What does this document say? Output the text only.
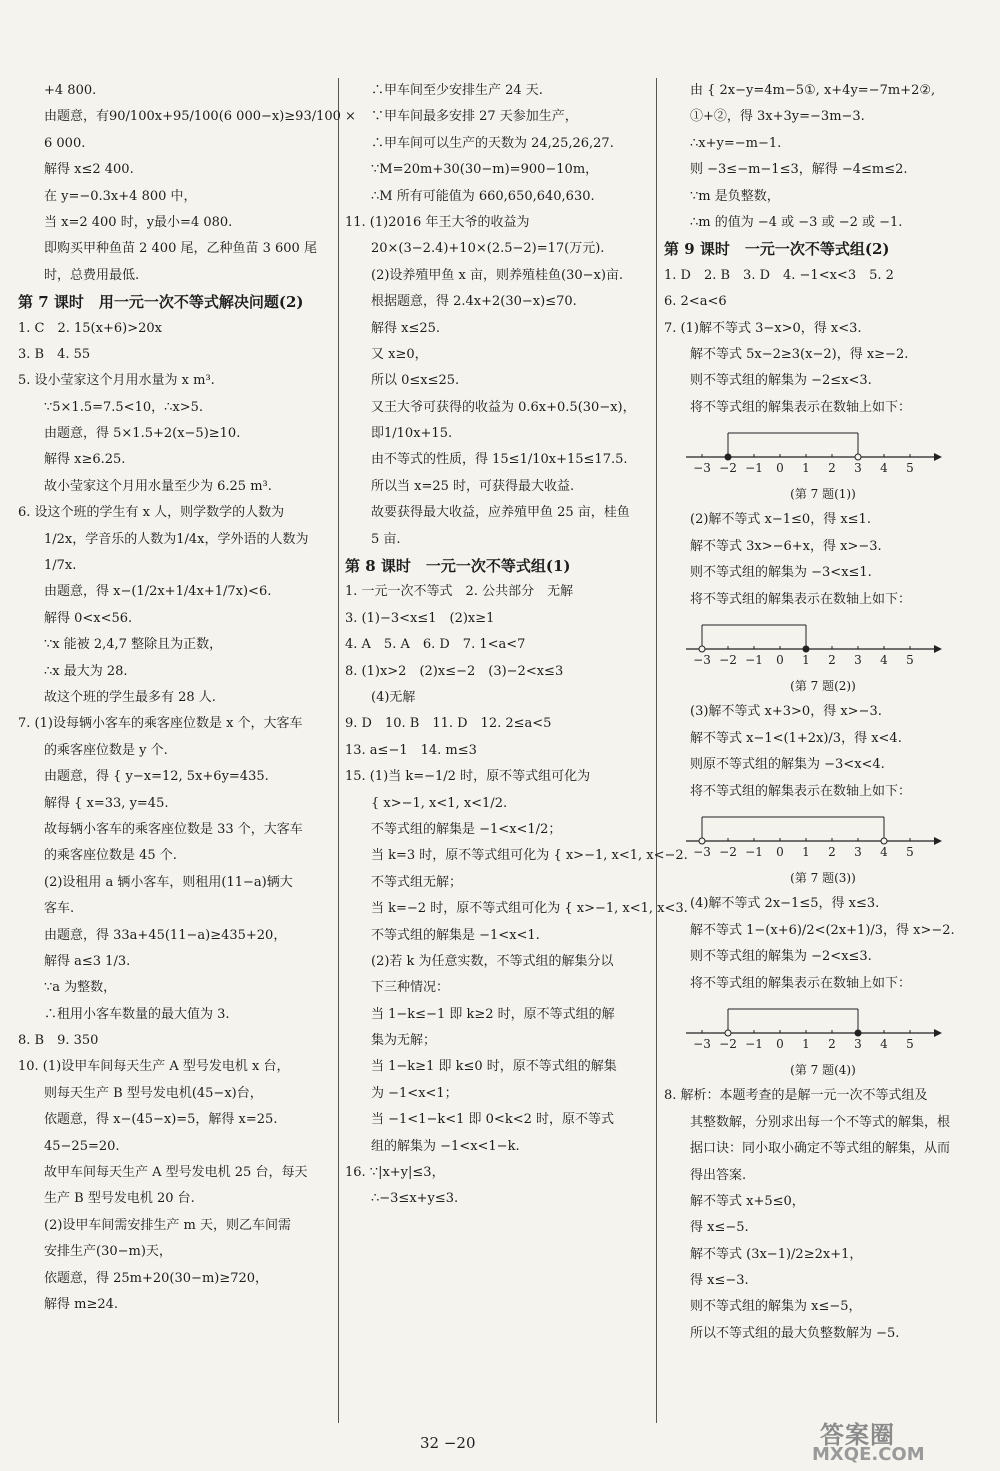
+4 800.
由题意，有90/100x+95/100(6 000−x)≥93/100 ×
6 000.
解得 x≤2 400.
在 y=−0.3x+4 800 中，
当 x=2 400 时，y最小=4 080.
即购买甲种鱼苗 2 400 尾，乙种鱼苗 3 600 尾
时，总费用最低.
第 7 课时　用一元一次不等式解决问题(2)
1. C　2. 15(x+6)>20x
3. B　4. 55
5. 设小莹家这个月用水量为 x m³.
∵5×1.5=7.5<10，∴x>5.
由题意，得 5×1.5+2(x−5)≥10.
解得 x≥6.25.
故小莹家这个月用水量至少为 6.25 m³.
6. 设这个班的学生有 x 人，则学数学的人数为
1/2x，学音乐的人数为1/4x，学外语的人数为
1/7x.
由题意，得 x−(1/2x+1/4x+1/7x)<6.
解得 0<x<56.
∵x 能被 2,4,7 整除且为正数，
∴x 最大为 28.
故这个班的学生最多有 28 人.
7. (1)设每辆小客车的乘客座位数是 x 个，大客车
的乘客座位数是 y 个.
由题意，得 { y−x=12, 5x+6y=435.
解得 { x=33, y=45.
故每辆小客车的乘客座位数是 33 个，大客车
的乘客座位数是 45 个.
(2)设租用 a 辆小客车，则租用(11−a)辆大
客车.
由题意，得 33a+45(11−a)≥435+20，
解得 a≤3 1/3.
∵a 为整数，
∴租用小客车数量的最大值为 3.
8. B　9. 350
10. (1)设甲车间每天生产 A 型号发电机 x 台，
则每天生产 B 型号发电机(45−x)台，
依题意，得 x−(45−x)=5，解得 x=25.
45−25=20.
故甲车间每天生产 A 型号发电机 25 台，每天
生产 B 型号发电机 20 台.
(2)设甲车间需安排生产 m 天，则乙车间需
安排生产(30−m)天，
依题意，得 25m+20(30−m)≥720，
解得 m≥24.
∴甲车间至少安排生产 24 天.
∵甲车间最多安排 27 天参加生产，
∴甲车间可以生产的天数为 24,25,26,27.
∵M=20m+30(30−m)=900−10m，
∴M 所有可能值为 660,650,640,630.
11. (1)2016 年王大爷的收益为
20×(3−2.4)+10×(2.5−2)=17(万元).
(2)设养殖甲鱼 x 亩，则养殖桂鱼(30−x)亩.
根据题意，得 2.4x+2(30−x)≤70.
解得 x≤25.
又 x≥0，
所以 0≤x≤25.
又王大爷可获得的收益为 0.6x+0.5(30−x)，
即1/10x+15.
由不等式的性质，得 15≤1/10x+15≤17.5.
所以当 x=25 时，可获得最大收益.
故要获得最大收益，应养殖甲鱼 25 亩，桂鱼
5 亩.
第 8 课时　一元一次不等式组(1)
1. 一元一次不等式　2. 公共部分　无解
3. (1)−3<x≤1　(2)x≥1
4. A　5. A　6. D　7. 1<a<7
8. (1)x>2　(2)x≤−2　(3)−2<x≤3
(4)无解
9. D　10. B　11. D　12. 2≤a<5
13. a≤−1　14. m≤3
15. (1)当 k=−1/2 时，原不等式组可化为
{ x>−1, x<1, x<1/2.
不等式组的解集是 −1<x<1/2；
当 k=3 时，原不等式组可化为 { x>−1, x<1, x<−2.
不等式组无解；
当 k=−2 时，原不等式组可化为 { x>−1, x<1, x<3.
不等式组的解集是 −1<x<1.
(2)若 k 为任意实数，不等式组的解集分以
下三种情况：
当 1−k≤−1 即 k≥2 时，原不等式组的解
集为无解；
当 1−k≥1 即 k≤0 时，原不等式组的解集
为 −1<x<1；
当 −1<1−k<1 即 0<k<2 时，原不等式
组的解集为 −1<x<1−k.
16. ∵|x+y|≤3，
∴−3≤x+y≤3.
由 { 2x−y=4m−5①, x+4y=−7m+2②,
①+②，得 3x+3y=−3m−3.
∴x+y=−m−1.
则 −3≤−m−1≤3，解得 −4≤m≤2.
∵m 是负整数，
∴m 的值为 −4 或 −3 或 −2 或 −1.
第 9 课时　一元一次不等式组(2)
1. D　2. B　3. D　4. −1<x<3　5. 2
6. 2<a<6
7. (1)解不等式 3−x>0，得 x<3.
解不等式 5x−2≥3(x−2)，得 x≥−2.
则不等式组的解集为 −2≤x<3.
将不等式组的解集表示在数轴上如下：
−3 −2 −1 0 1 2 3 4 5
(第 7 题(1))
(2)解不等式 x−1≤0，得 x≤1.
解不等式 3x>−6+x，得 x>−3.
则不等式组的解集为 −3<x≤1.
将不等式组的解集表示在数轴上如下：
−3 −2 −1 0 1 2 3 4 5
(第 7 题(2))
(3)解不等式 x+3>0，得 x>−3.
解不等式 x−1<(1+2x)/3，得 x<4.
则原不等式组的解集为 −3<x<4.
将不等式组的解集表示在数轴上如下：
−3 −2 −1 0 1 2 3 4 5
(第 7 题(3))
(4)解不等式 2x−1≤5，得 x≤3.
解不等式 1−(x+6)/2<(2x+1)/3，得 x>−2.
则不等式组的解集为 −2<x≤3.
将不等式组的解集表示在数轴上如下：
−3 −2 −1 0 1 2 3 4 5
(第 7 题(4))
8. 解析：本题考查的是解一元一次不等式组及
其整数解，分别求出每一个不等式的解集，根
据口诀：同小取小确定不等式组的解集，从而
得出答案.
解不等式 x+5≤0，
得 x≤−5.
解不等式 (3x−1)/2≥2x+1，
得 x≤−3.
则不等式组的解集为 x≤−5，
所以不等式组的最大负整数解为 −5.
32 −20	答案圈
MXQE.COM
